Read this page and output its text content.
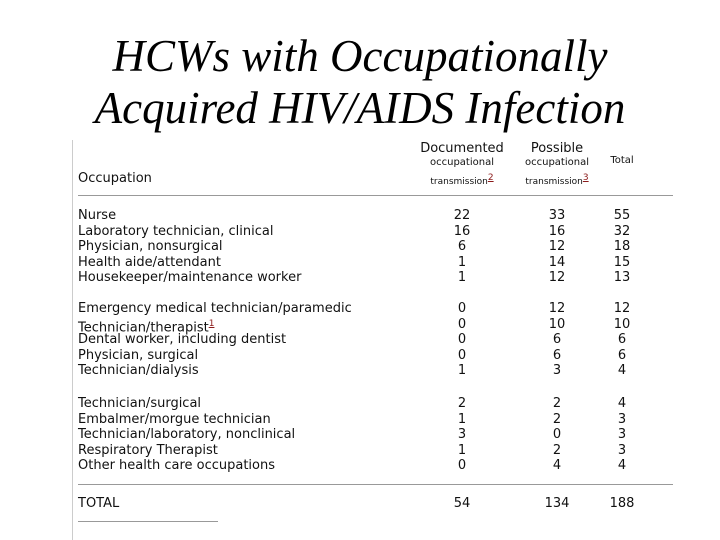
HCWs with Occupationally
Acquired HIV/AIDS Infection
Occupation
Documented
occupational
transmission$^2$
Possible
occupational
transmission$^3$
Total
Nurse	22	33	55
Laboratory technician, clinical	16	16	32
Physician, nonsurgical	6	12	18
Health aide/attendant	1	14	15
Housekeeper/maintenance worker	1	12	13
Emergency medical technician/paramedic	0	12	12
Technician/therapist$^1$	0	10	10
Dental worker, including dentist	0	6	6
Physician, surgical	0	6	6
Technician/dialysis	1	3	4
Technician/surgical	2	2	4
Embalmer/morgue technician	1	2	3
Technician/laboratory, nonclinical	3	0	3
Respiratory Therapist	1	2	3
Other health care occupations	0	4	4
TOTAL	54	134	188
